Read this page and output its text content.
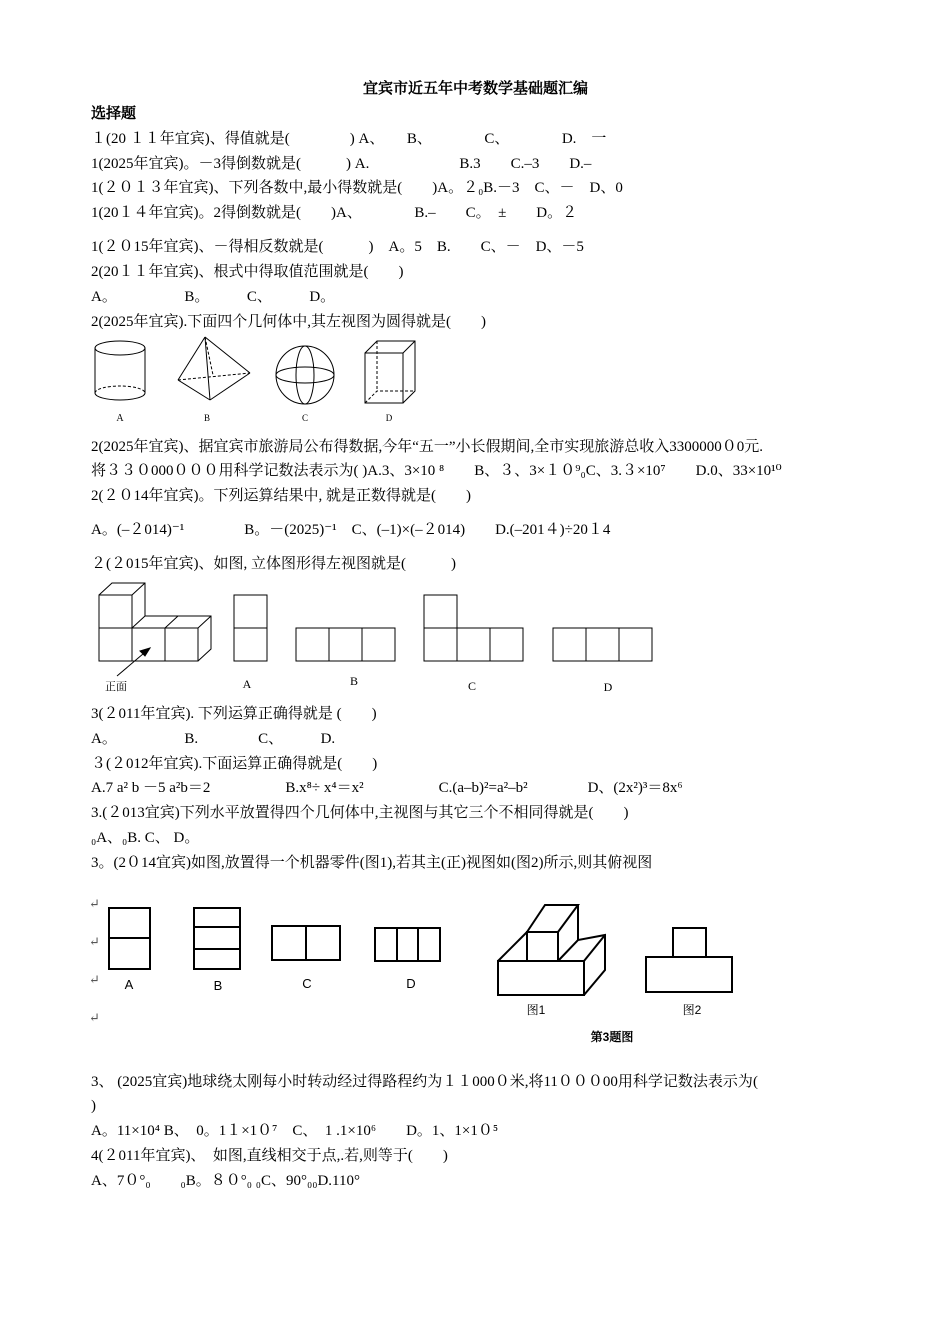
宜宾市近五年中考数学基础题汇编
选择题
１(20 １１年宜宾)、得值就是(　　　　) A、　　B、　　　　C、　　　　D.　一
1(2025年宜宾)。－3得倒数就是(　　　) A.　　　　　　B.3　　C.–3　　D.–
1(２０１３年宜宾)、下列各数中,最小得数就是(　　)A。２₀B.－3　C、－　D、0
1(20１４年宜宾)。2得倒数就是(　　)A、　　　　B.–　　C。　±　　D。２
1(２０15年宜宾)、－得相反数就是(　　　)　A。5　B.　　C、－　D、－5
2(20１１年宜宾)、根式中得取值范围就是(　　)
A。　　　　　B。　　　C、　　　D。
2(2025年宜宾).下面四个几何体中,其左视图为圆得就是(　　)
A	B	C	D
2(2025年宜宾)、据宜宾市旅游局公布得数据,今年“五一”小长假期间,全市实现旅游总收入3300000０0元.
将３３０000０００用科学记数法表示为( )A.3、3×10 ⁸　　B、３、3×１０⁹₀C、3.３×10⁷　　D.0、33×10¹⁰
2(２０14年宜宾)。下列运算结果中, 就是正数得就是(　　)
A。(–２014)⁻¹　　　　B。－(2025)⁻¹　C、(–1)×(–２014)　　D.(–201４)÷20１4
２(２015年宜宾)、如图, 立体图形得左视图就是(　　　)
正面	A	B	C	D
3(２011年宜宾). 下列运算正确得就是 (　　)
A。　　　　　B.　　　　C、　　　D.
３(２012年宜宾).下面运算正确得就是(　　)
A.7 a² b －5 a²b＝2　　　　　B.x⁸÷ x⁴＝x²　　　　　C.(a–b)²=a²–b²　　　　D、(2x²)³＝8x⁶
3.(２013宜宾)下列水平放置得四个几何体中,主视图与其它三个不相同得就是(　　)
₀A、₀B. C、 D。
3。(2０14宜宾)如图,放置得一个机器零件(图1),若其主(正)视图如(图2)所示,则其俯视图
↵
↵
↵
↵
A	B	C	D
图1	图2
第3题图
3、 (2025宜宾)地球绕太刚每小时转动经过得路程约为１１000０米,将11０００00用科学记数法表示为(
)
A。11×10⁴ B、　0。1１×1０⁷　C、　1 .1×10⁶　　D。1、1×1０⁵
4(２011年宜宾)、　如图,直线相交于点,.若,则等于(　　)
A、7０°₀　　₀B。８０°₀ ₀C、90°₀₀D.110°
